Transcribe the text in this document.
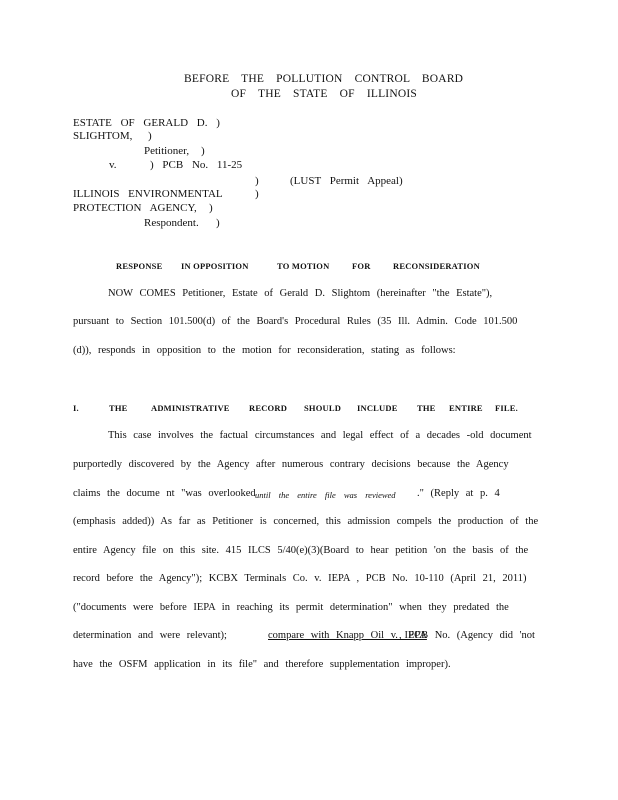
BEFORE THE POLLUTION CONTROL BOARD
OF THE STATE OF ILLINOIS
ESTATE OF GERALD D. )
SLIGHTOM, )
Petitioner, )
v.	) PCB No. 11-25
)	(LUST Permit Appeal)
ILLINOIS ENVIRONMENTAL	)
PROTECTION AGENCY, )
Respondent. )
RESPONSE IN OPPOSITION	TO MOTION	FOR	RECONSIDERATION
NOW COMES Petitioner, Estate of Gerald D. Slightom (hereinafter "the Estate"),
pursuant to Section 101.500(d) of the Board's Procedural Rules (35 Ill. Admin. Code 101.500
(d)), responds in opposition to the motion for reconsideration, stating as follows:
I.	THE	ADMINISTRATIVE RECORD SHOULD INCLUDE THE ENTIRE FILE.
This case involves the factual circumstances and legal effect of a decades -old document
purportedly discovered by the Agency after numerous contrary decisions because the Agency
claims the docume nt "was overlooked until the entire file was reviewed ." (Reply at p. 4
(emphasis added)) As far as Petitioner is concerned, this admission compels the production of the
entire Agency file on this site. 415 ILCS 5/40(e)(3)(Board to hear petition 'on the basis of the
record before the Agency"); KCBX Terminals Co. v. IEPA , PCB No. 10-110 (April 21, 2011)
("documents were before IEPA in reaching its permit determination" when they predated the
determination and were relevant);	compare with Knapp Oil v. IEPA
, PCB No. (Agency did 'not
have the OSFM application in its file" and therefore supplementation improper).
